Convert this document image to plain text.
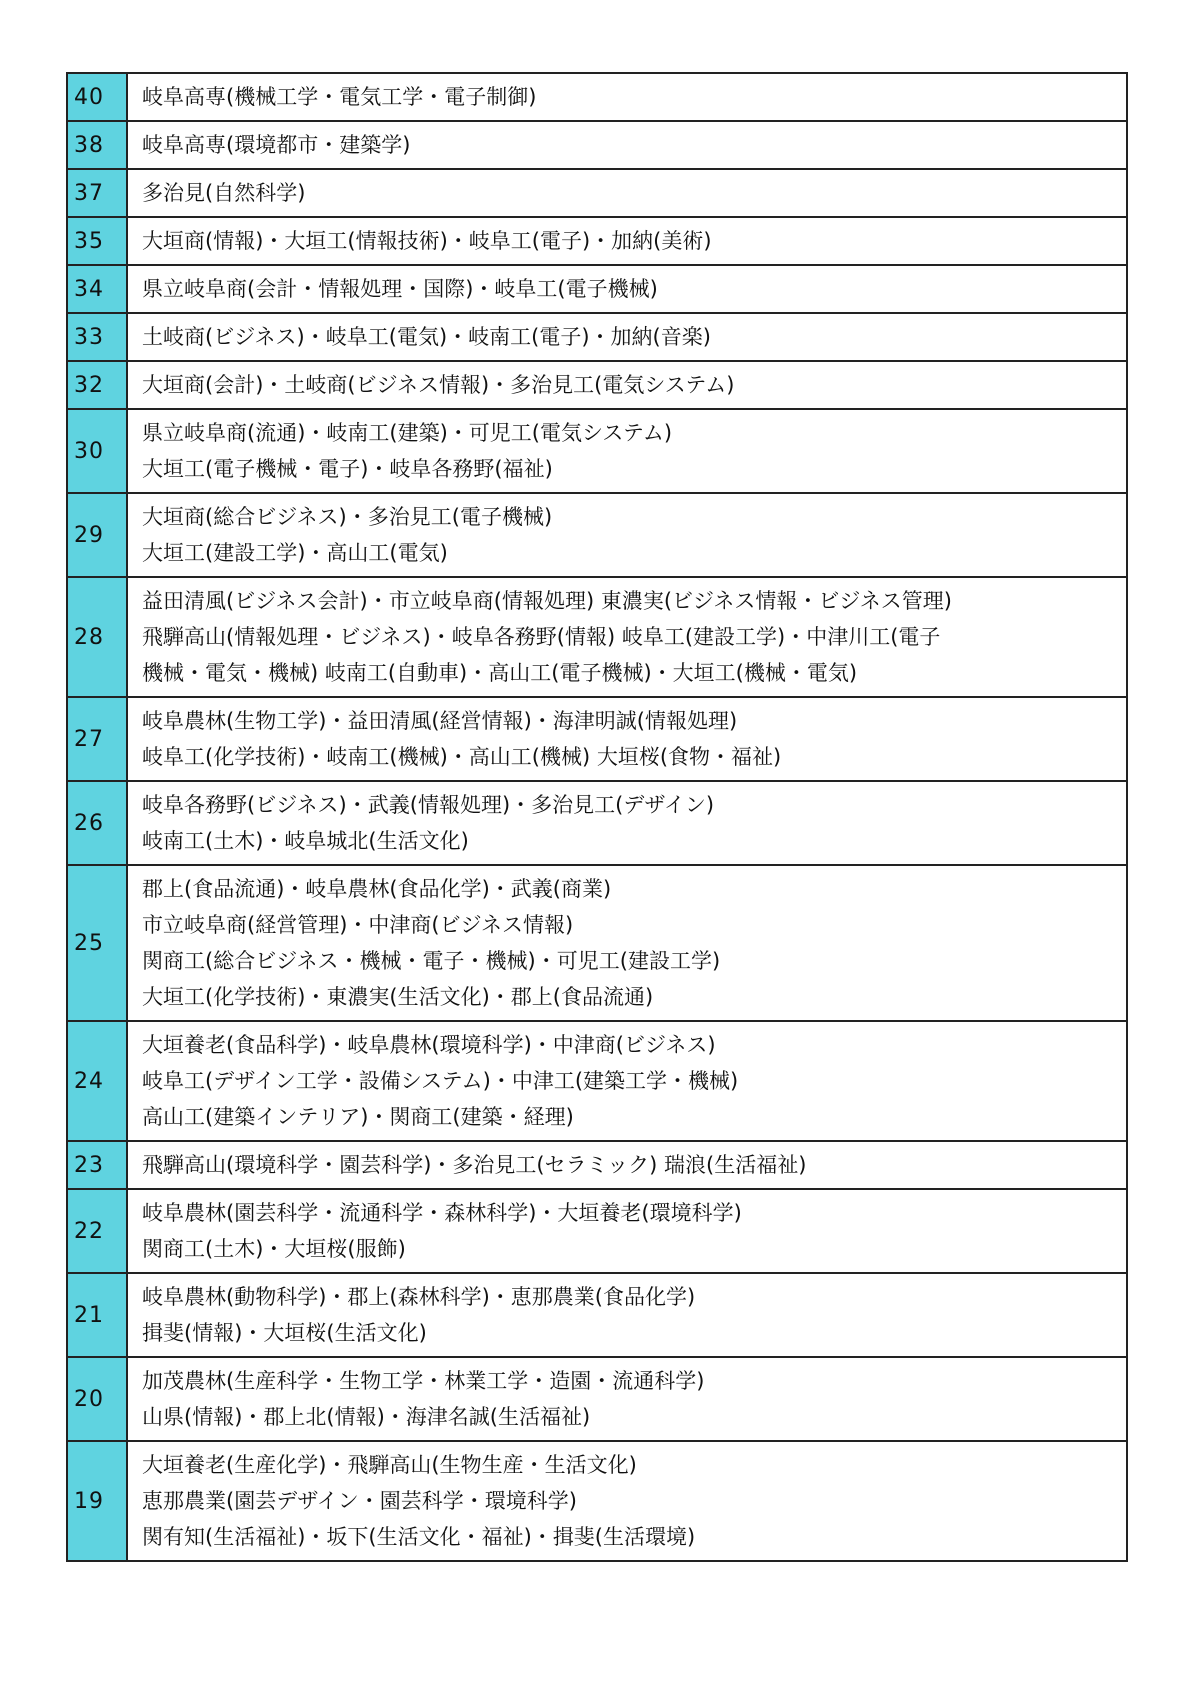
40	岐阜高専(機械工学・電気工学・電子制御)

38	岐阜高専(環境都市・建築学)

37	多治見(自然科学)

35	大垣商(情報)・大垣工(情報技術)・岐阜工(電子)・加納(美術)

34	県立岐阜商(会計・情報処理・国際)・岐阜工(電子機械)

33	土岐商(ビジネス)・岐阜工(電気)・岐南工(電子)・加納(音楽)

32	大垣商(会計)・土岐商(ビジネス情報)・多治見工(電気システム)

30	県立岐阜商(流通)・岐南工(建築)・可児工(電気システム)
大垣工(電子機械・電子)・岐阜各務野(福祉)

29	大垣商(総合ビジネス)・多治見工(電子機械)
大垣工(建設工学)・高山工(電気)

28	益田清風(ビジネス会計)・市立岐阜商(情報処理) 東濃実(ビジネス情報・ビジネス管理)
飛騨高山(情報処理・ビジネス)・岐阜各務野(情報) 岐阜工(建設工学)・中津川工(電子
機械・電気・機械) 岐南工(自動車)・高山工(電子機械)・大垣工(機械・電気)

27	岐阜農林(生物工学)・益田清風(経営情報)・海津明誠(情報処理)
岐阜工(化学技術)・岐南工(機械)・高山工(機械) 大垣桜(食物・福祉)

26	岐阜各務野(ビジネス)・武義(情報処理)・多治見工(デザイン)
岐南工(土木)・岐阜城北(生活文化)

25	郡上(食品流通)・岐阜農林(食品化学)・武義(商業)
市立岐阜商(経営管理)・中津商(ビジネス情報)
関商工(総合ビジネス・機械・電子・機械)・可児工(建設工学)
大垣工(化学技術)・東濃実(生活文化)・郡上(食品流通)

24	大垣養老(食品科学)・岐阜農林(環境科学)・中津商(ビジネス)
岐阜工(デザイン工学・設備システム)・中津工(建築工学・機械)
高山工(建築インテリア)・関商工(建築・経理)

23	飛騨高山(環境科学・園芸科学)・多治見工(セラミック) 瑞浪(生活福祉)

22	岐阜農林(園芸科学・流通科学・森林科学)・大垣養老(環境科学)
関商工(土木)・大垣桜(服飾)

21	岐阜農林(動物科学)・郡上(森林科学)・恵那農業(食品化学)
揖斐(情報)・大垣桜(生活文化)

20	加茂農林(生産科学・生物工学・林業工学・造園・流通科学)
山県(情報)・郡上北(情報)・海津名誠(生活福祉)

19	大垣養老(生産化学)・飛騨高山(生物生産・生活文化)
恵那農業(園芸デザイン・園芸科学・環境科学)
関有知(生活福祉)・坂下(生活文化・福祉)・揖斐(生活環境)
